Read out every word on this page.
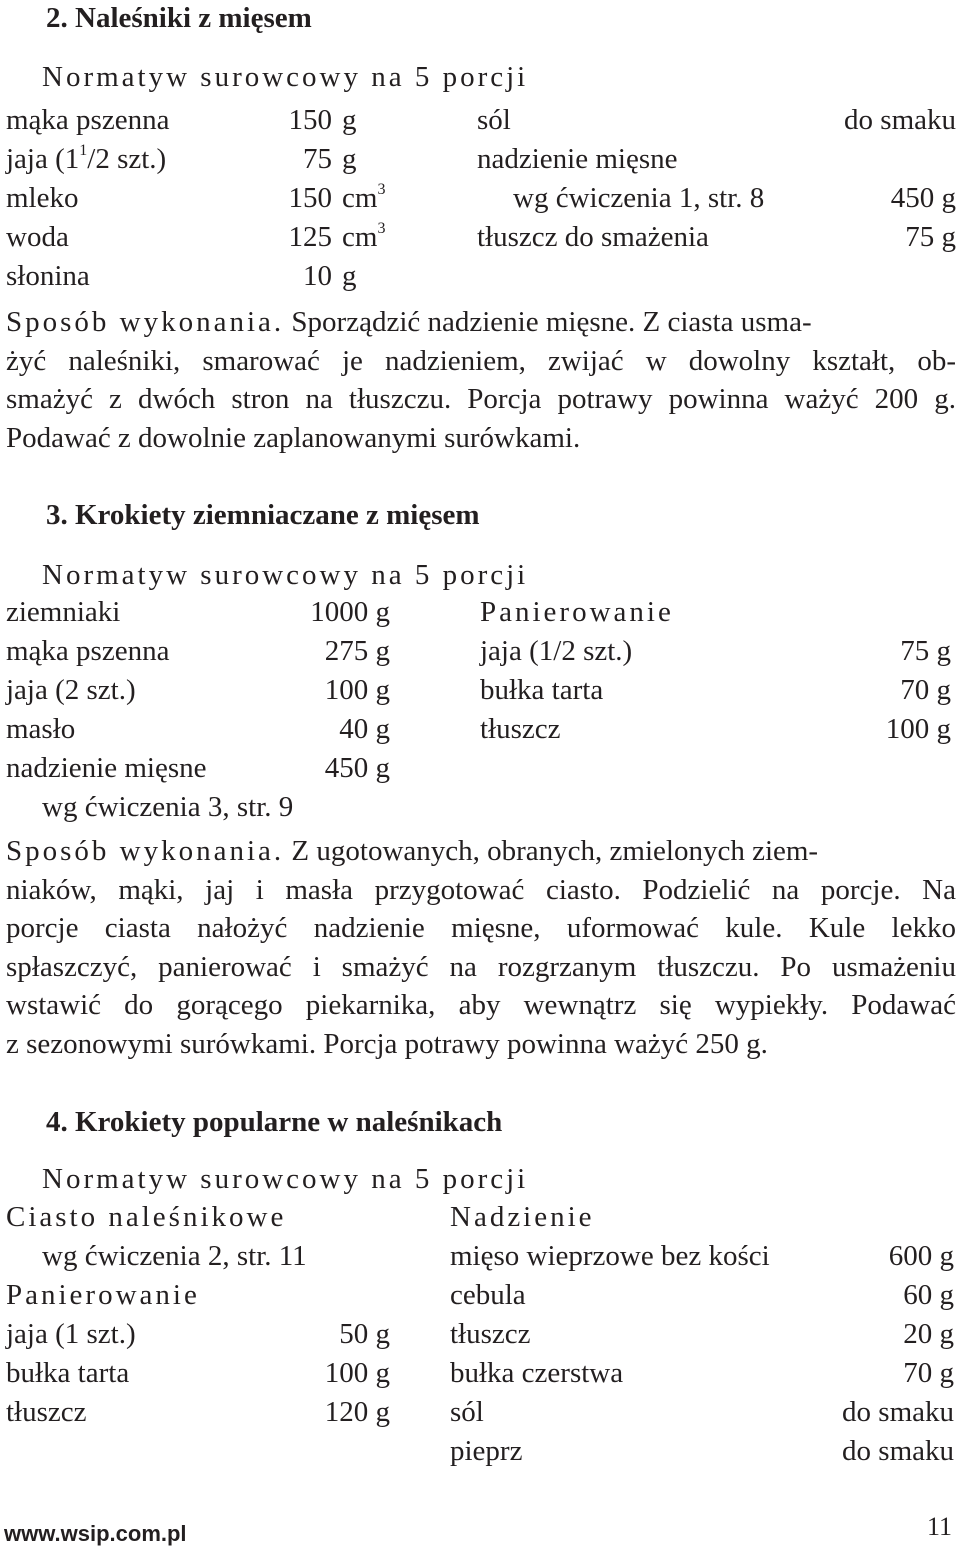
2. Naleśniki z mięsem
Normatyw surowcowy na 5 porcji
mąka pszenna	150 g	sól	do smaku
jaja ($1^1/2$ szt.)	75 g	nadzienie mięsne
mleko	150 $cm^3$	wg ćwiczenia 1, str. 8	450 g
woda	125 $cm^3$	tłuszcz do smażenia	75 g
słonina	10 g
Sposób wykonania. Sporządzić nadzienie mięsne. Z ciasta usma-
żyć naleśniki, smarować je nadzieniem, zwijać w dowolny kształt, ob-
smażyć z dwóch stron na tłuszczu. Porcja potrawy powinna ważyć 200 g.
Podawać z dowolnie zaplanowanymi surówkami.
3. Krokiety ziemniaczane z mięsem
Normatyw surowcowy na 5 porcji
ziemniaki	1000 g	Panierowanie
mąka pszenna	275 g	jaja (1/2 szt.)	75 g
jaja (2 szt.)	100 g	bułka tarta	70 g
masło	40 g	tłuszcz	100 g
nadzienie mięsne	450 g
wg ćwiczenia 3, str. 9
Sposób wykonania. Z ugotowanych, obranych, zmielonych ziem-
niaków, mąki, jaj i masła przygotować ciasto. Podzielić na porcje. Na
porcje ciasta nałożyć nadzienie mięsne, uformować kule. Kule lekko
spłaszczyć, panierować i smażyć na rozgrzanym tłuszczu. Po usmażeniu
wstawić do gorącego piekarnika, aby wewnątrz się wypiekły. Podawać
z sezonowymi surówkami. Porcja potrawy powinna ważyć 250 g.
4. Krokiety popularne w naleśnikach
Normatyw surowcowy na 5 porcji
Ciasto naleśnikowe	Nadzienie
wg ćwiczenia 2, str. 11	mięso wieprzowe bez kości	600 g
Panierowanie	cebula	60 g
jaja (1 szt.)	50 g tłuszcz	20 g
bułka tarta	100 g bułka czerstwa	70 g
tłuszcz	120 g sól	do smaku
pieprz	do smaku
www.wsip.com.pl	11
